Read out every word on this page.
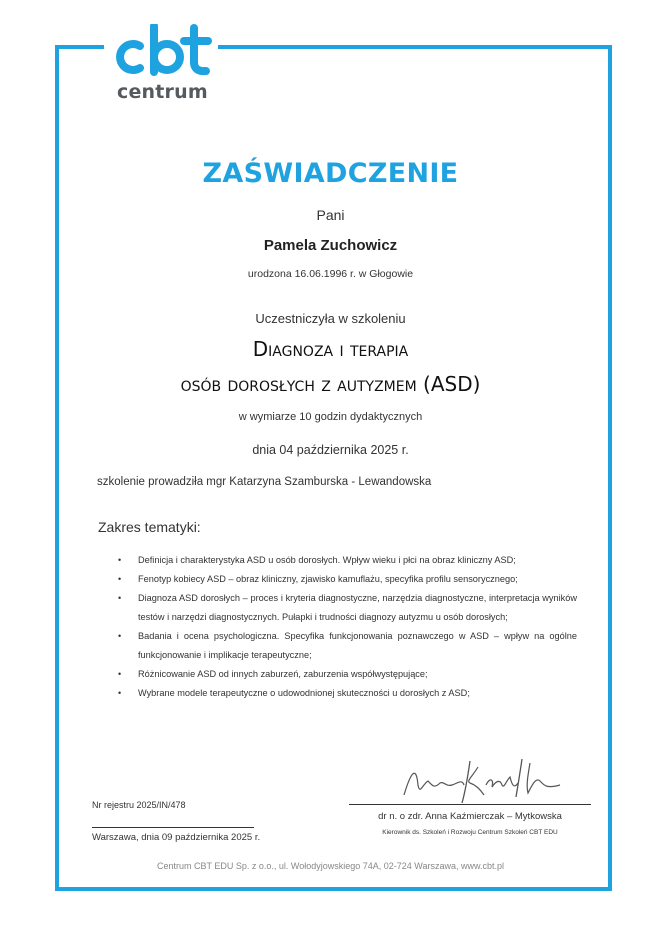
centrum
ZAŚWIADCZENIE
Pani
Pamela Zuchowicz
urodzona 16.06.1996 r. w Głogowie
Uczestniczyła w szkoleniu
Diagnoza i terapia
osób dorosłych z autyzmem (ASD)
w wymiarze 10 godzin dydaktycznych
dnia 04 października 2025 r.
szkolenie prowadziła mgr Katarzyna Szamburska - Lewandowska
Zakres tematyki:
• Definicja i charakterystyka ASD u osób dorosłych. Wpływ wieku i płci na obraz kliniczny ASD;
• Fenotyp kobiecy ASD – obraz kliniczny, zjawisko kamuflażu, specyfika profilu sensorycznego;
• Diagnoza ASD dorosłych – proces i kryteria diagnostyczne, narzędzia diagnostyczne, interpretacja wyników testów i narzędzi diagnostycznych. Pułapki i trudności diagnozy autyzmu u osób dorosłych;
• Badania i ocena psychologiczna. Specyfika funkcjonowania poznawczego w ASD – wpływ na ogólne funkcjonowanie i implikacje terapeutyczne;
• Różnicowanie ASD od innych zaburzeń, zaburzenia współwystępujące;
• Wybrane modele terapeutyczne o udowodnionej skuteczności u dorosłych z ASD;
Nr rejestru 2025/IN/478
Warszawa, dnia 09 października 2025 r.
dr n. o zdr. Anna Kaźmierczak – Mytkowska
Kierownik ds. Szkoleń i Rozwoju Centrum Szkoleń CBT EDU
Centrum CBT EDU Sp. z o.o., ul. Wołodyjowskiego 74A, 02-724 Warszawa, www.cbt.pl
